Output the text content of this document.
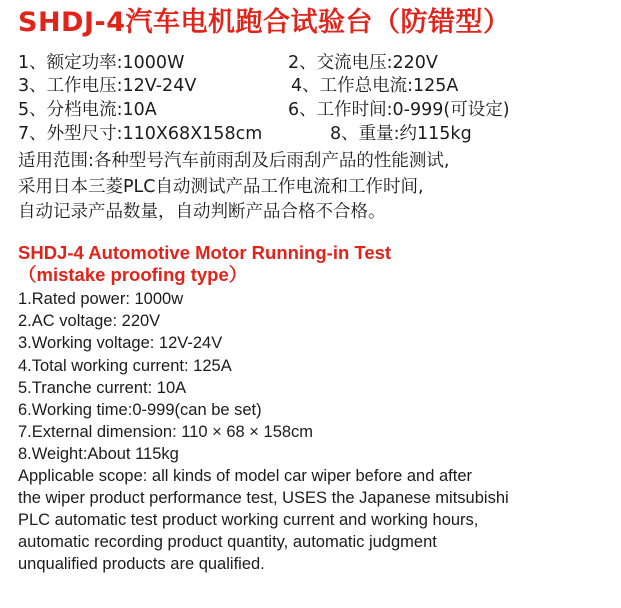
SHDJ-4汽车电机跑合试验台（防错型）
1、额定功率:1000W	2、交流电压:220V
3、工作电压:12V-24V	4、工作总电流:125A
5、分档电流:10A	6、工作时间:0-999(可设定)
7、外型尺寸:110X68X158cm	8、重量:约115kg
适用范围:各种型号汽车前雨刮及后雨刮产品的性能测试,
采用日本三菱PLC自动测试产品工作电流和工作时间,
自动记录产品数量，自动判断产品合格不合格。
SHDJ-4 Automotive Motor Running-in Test
（mistake proofing type）
1.Rated power: 1000w
2.AC voltage: 220V
3.Working voltage: 12V-24V
4.Total working current: 125A
5.Tranche current: 10A
6.Working time:0-999(can be set)
7.External dimension: 110 × 68 × 158cm
8.Weight:About 115kg
Applicable scope: all kinds of model car wiper before and after
the wiper product performance test, USES the Japanese mitsubishi
PLC automatic test product working current and working hours,
automatic recording product quantity, automatic judgment
unqualified products are qualified.
